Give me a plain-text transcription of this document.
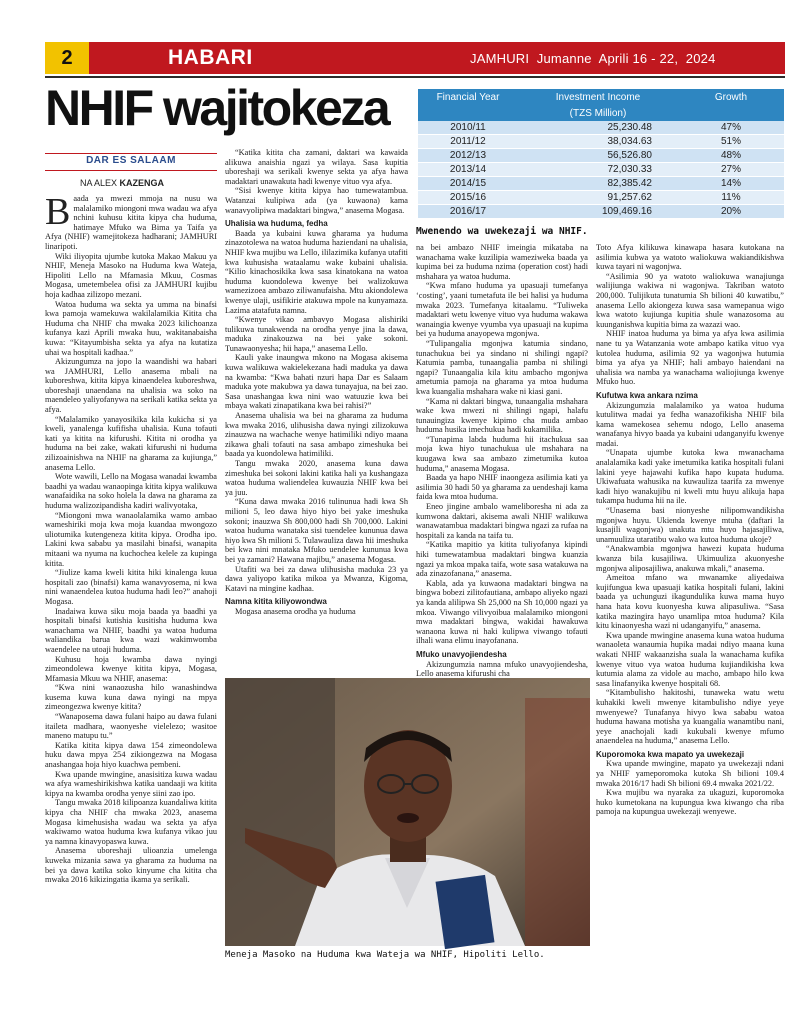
2	HABARI	JAMHURI  Jumanne  Aprili 16 - 22,  2024
NHIF wajitokeza	Financial Year	Investment Income	Growth
	(TZS Million)	
2010/11	25,230.48	47%
2011/12	38,034.63	51%
2012/13	56,526.80	48%
2013/14	72,030.33	27%
2014/15	82,385.42	14%
2015/16	91,257.62	11%
2016/17	109,469.16	20%
Mwenendo wa uwekezaji wa NHIF.
DAR ES SALAAM
NA ALEX KAZENGA
B aada ya mwezi mmoja na nusu wa malalamiko miongoni mwa wadau wa afya nchini kuhusu kitita kipya cha huduma, hatimaye Mfuko wa Bima ya Taifa ya Afya (NHIF) wamejitokeza hadharani; JAMHURI linaripoti.

Wiki iliyopita ujumbe kutoka Makao Makuu ya NHIF, Meneja Masoko na Huduma kwa Wateja, Hipoliti Lello na Mfamasia Mkuu, Cosmas Mogasa, umetembelea ofisi za JAMHURI kujibu hoja kadhaa zilizopo mezani.

Watoa huduma wa sekta ya umma na binafsi kwa pamoja wamekuwa wakilalamikia Kitita cha Huduma cha NHIF cha mwaka 2023 kilichoanza kufanya kazi Aprili mwaka huu, wakitanabaisha kuwa: “Kitayumbisha sekta ya afya na kutatiza uhai wa hospitali kadhaa.”

Akizungumza na jopo la waandishi wa habari wa JAMHURI, Lello anasema mbali na kuboreshwa, kitita kipya kinaendelea kuboreshwa, uboreshaji unaendana na uhalisia wa soko na maendeleo yaliyofanywa na serikali katika sekta ya afya.

“Malalamiko yanayosikika kila kukicha si ya kweli, yanalenga kufifisha uhalisia. Kuna tofauti kati ya kitita na kifurushi. Kitita ni orodha ya huduma na bei zake, wakati kifurushi ni huduma zilizoainishwa na NHIF na gharama za kujiunga,” anasema Lello.

Wote wawili, Lello na Mogasa wanadai kwamba baadhi ya wadau wanaopinga kitita kipya walikuwa wanafaidika na soko holela la dawa na gharama za huduma walizozipandisha kadiri walivyotaka,

“Miongoni mwa wanaolalamika wamo ambao wameshiriki moja kwa moja kuandaa mwongozo uliotumika kutengeneza kitita kipya. Orodha ipo. Lakini kwa sababu ya masilahi binafsi, wanapita mitaani wa nyuma na kuchochea kelele za kupinga kitita.

“Jiulize kama kweli kitita hiki kinalenga kuua hospitali zao (binafsi) kama wanavyosema, ni kwa nini wanaendelea kutoa huduma hadi leo?” anahoji Mogasa.

Inadaiwa kuwa siku moja baada ya baadhi ya hospitali binafsi kutishia kusitisha huduma kwa wanachama wa NHIF, baadhi ya watoa huduma waliandika barua kwa wazi wakimwomba waendelee na utoaji huduma.

Kuhusu hoja kwamba dawa nyingi zimeondolewa kwenye kitita kipya, Mogasa, Mfamasia Mkuu wa NHIF, anasema:

“Kwa nini wanaozusha hilo wanashindwa kusema kuwa kuna dawa nyingi na mpya zimeongezwa kwenye kitita?

“Wanaposema dawa fulani haipo au dawa fulani itaileta madhara, waonyeshe vielelezo; wasitoe maneno matupu tu.”

Katika kitita kipya dawa 154 zimeondolewa huku dawa mpya 254 zikiongezwa na Mogasa anashangaa hoja hiyo kuachwa pembeni.

Kwa upande mwingine, anasisitiza kuwa wadau wa afya wameshirikishwa katika uandaaji wa kitita kipya na kwamba orodha yenye siini zao ipo.

Tangu mwaka 2018 kilipoanza kuandaliwa kitita kipya cha NHIF cha mwaka 2023, anasema Mogasa kimehusisha wadau wa sekta ya afya wakiwamo watoa huduma kwa kufanya vikao juu ya namna kinavyopaswa kuwa.

Anasema uboreshaji ulioanzia umelenga kuweka mizania sawa ya gharama za huduma na bei ya dawa katika soko kinyume cha kitita cha mwaka 2016 kikizingatia ikama ya serikali.

“Katika kitita cha zamani, daktari wa kawaida alikuwa anaishia ngazi ya wilaya. Sasa kupitia uboreshaji wa serikali kwenye sekta ya afya hawa madaktari unawakuta hadi kwenye vituo vya afya.

“Sisi kwenye kitita kipya hao tumewatambua. Watanzai kulipiwa ada (ya kuwaona) kama wanavyolipiwa madaktari bingwa,” anasema Mogasa.

Uhalisia wa huduma, fedha

Baada ya kubaini kuwa gharama ya huduma zinazotolewa na watoa huduma haziendani na uhalisia, NHIF kwa mujibu wa Lello, ililazimika kufanya utafiti kwa kuhusisha wataalamu wake kubaini uhalisia. “Kilio kinachosikika kwa sasa kinatokana na watoa huduma kuondolewa kwenye bei walizokuwa wamezizoea ambazo ziliwanufaisha. Mtu akiondolewa kwenye ulaji, usifikirie atakuwa mpole na kunyamaza. Lazima atatafuta namna.

“Kwenye vikao ambavyo Mogasa alishiriki tulikuwa tunakwenda na orodha yenye jina la dawa, maduka zinakouzwa na bei yake sokoni. Tunawaonyesha; hii hapa,” anasema Lello.

Kauli yake inaungwa mkono na Mogasa akisema kuwa walikuwa wakielekezana hadi maduka ya dawa na kwamba: “Kwa bahati nzuri hapa Dar es Salaam maduka yote makubwa ya dawa tunayajua, na bei zao. Sasa unashangaa kwa nini wao watuuzie kwa bei mbaya wakati zinapatikana kwa bei rahisi?”

Anasema uhalisia wa bei na gharama za huduma kwa mwaka 2016, ulihusisha dawa nyingi zilizokuwa zinauzwa na wachache wenye hatimiliki ndiyo maana zikawa ghali tofauti na sasa ambapo zimeshuka bei baada ya kuondolewa hatimiliki.

Tangu mwaka 2020, anasema kuna dawa zimeshuka bei sokoni lakini katika hali ya kushangaza watoa huduma waliendelea kuwauzia NHIF kwa bei ya juu.

“Kuna dawa mwaka 2016 tulinunua hadi kwa Sh milioni 5, leo dawa hiyo hiyo bei yake imeshuka sokoni; inauzwa Sh 800,000 hadi Sh 700,000. Lakini watoa huduma wanataka sisi tuendelee kununua dawa hiyo kwa Sh milioni 5. Tulawauliza dawa hii imeshuka bei kwa nini mnataka Mfuko uendelee kununua kwa bei ya zamani? Hawana majibu,” anasema Mogasa.

Utafiti wa bei za dawa ulihusisha maduka 23 ya dawa yaliyopo katika mikoa ya Mwanza, Kigoma, Katavi na mingine kadhaa.

Namna kitita kiliyowondwa

Mogasa anasema orodha ya huduma

na bei ambazo NHIF imeingia mikataba na wanachama wake kuzilipia wameziweka baada ya kupima bei za huduma nzima (operation cost) hadi mshahara ya watoa huduma.

“Kwa mfano huduma ya upasuaji tumefanya ‘costing’, yaani tumetafuta ile bei halisi ya huduma mwaka 2023. Tumefanya kitaalamu. “Tuliweka madaktari wetu kwenye vituo vya huduma wakawa wanaingia kwenye vyumba vya upasuaji na kupima bei ya huduma anayopewa mgonjwa.

“Tulipangalia mgonjwa katumia sindano, tunachukua bei ya sindano ni shilingi ngapi? Katumia pamba, tunaangalia pamba ni shilingi ngapi? Tunaangalia kila kitu ambacho mgonjwa ametumia pamoja na gharama ya mtoa huduma kwa kuangalia mshahara wake ni kiasi gani.

“Kama ni daktari bingwa, tunaangalia mshahara wake kwa mwezi ni shilingi ngapi, halafu tunauingiza kwenye kipimo cha muda ambao huduma husika imechukua hadi kukamilika.

“Tunapima labda huduma hii itachukua saa moja kwa hiyo tunachukua ule mshahara na kuugawa kwa saa ambazo zimetumika kutoa huduma,” anasema Mogasa.

Baada ya hapo NHIF inaongeza asilimia kati ya asilimia 30 hadi 50 ya gharama za uendeshaji kama faida kwa mtoa huduma.

Eneo jingine ambalo wameliboresha ni ada za kumwona daktari, akisema awali NHIF walikuwa wanawatambua madaktari bingwa ngazi za rufaa na hospitali za kanda na taifa tu.

“Katika mapitio ya kitita tuliyofanya kipindi hiki tumewatambua madaktari bingwa kuanzia ngazi ya mkoa mpaka taifa, wote sasa watakuwa na ada zinazofanana,” anasema.

Kabla, ada ya kuwaona madaktari bingwa na bingwa bobezi zilitofautiana, ambapo aliyeko ngazi ya kanda alilipwa Sh 25,000 na Sh 10,000 ngazi ya mkoa. Viwango vilivyoibua malalamiko miongoni mwa madaktari bingwa, wakidai hawakuwa wanaona kuwa ni haki kulipwa viwango tofauti ilhali wana elimu inayofanana.

Mfuko unavyojiendesha

Akizungumzia namna mfuko unavyojiendesha, Lello anasema kifurushi cha

Toto Afya kilikuwa kinawapa hasara kutokana na asilimia kubwa ya watoto waliokuwa wakiandikishwa kuwa tayari ni wagonjwa.

“Asilimia 90 ya watoto waliokuwa wanajiunga walijiunga wakiwa ni wagonjwa. Takriban watoto 200,000. Tulijikuta tunatumia Sh bilioni 40 kuwatibu,” anasema Lello akiongeza kuwa sasa wamepanua wigo kwa watoto kujiunga kupitia shule wanazosoma au kuunganishwa kupitia bima za wazazi wao.

NHIF inatoa huduma ya bima ya afya kwa asilimia nane tu ya Watanzania wote ambapo katika vituo vya kutolea huduma, asilimia 92 ya wagonjwa hutumia bima ya afya ya NHIF; hali ambayo haiendani na uhalisia wa namba ya wanachama waliojiunga kwenye Mfuko huo.

Kufutwa kwa ankara nzima

Akizungumzia malalamiko ya watoa huduma kutulitwa madai ya fedha wanazofikisha NHIF bila kama wamekosea sehemu ndogo, Lello anasema wanafanya hivyo baada ya kubaini udanganyifu kwenye madai.

“Unapata ujumbe kutoka kwa mwanachama analalamika kadi yake imetumika katika hospitali fulani lakini yeye hajawahi kufika hapo kupata huduma. Ukiwafuata wahusika na kuwauliza taarifa za mwenye kadi hiyo wanakujibu ni kweli mtu huyu alikuja hapa tukampa huduma hii na ile.

“Unasema basi nionyeshe nilipomwandikisha mgonjwa huyu. Ukienda kwenye mtuha (daftari la kusajili wagonjwa) unakuta mtu huyo hajasajiliwa, unamuuliza utaratibu wako wa kutoa huduma ukoje?

“Anakwambia mgonjwa hawezi kupata huduma kwanza bila kusajiliwa. Ukimuuliza akuonyeshe mgonjwa aliposajiliwa, anakuwa mkali,” anasema.

Ameitoa mfano wa mwanamke aliyedaiwa kujifungua kwa upasuaji katika hospitali fulani, lakini baada ya uchunguzi ikagundulika kuwa mama huyo hana hata kovu kuonyesha kuwa alipasuliwa. “Sasa katika mazingira hayo unamlipa mtoa huduma? Kila kitu kinaonyesha wazi ni udanganyifu,” anasema.

Kwa upande mwingine anasema kuna watoa huduma wanaoleta wanaumia hupika madai ndiyo maana kuna wakati NHIF wakaanzisha suala la wanachama kufika kwenye vituo vya watoa huduma kujiandikisha kwa kutumia alama za vidole au macho, ambapo hilo kwa sasa linafanyika kwenye hospitali 68.

“Kitambulisho hakitoshi, tunaweka watu wetu kuhakiki kweli mwenye kitambulisho ndiye yeye mwenyewe? Tunafanya hivyo kwa sababu watoa huduma hawana motisha ya kuangalia wanamtibu nani, yeye anachojali kadi kukubali kwenye mfumo anaendelea na huduma,” anasema Lello.

Kuporomoka kwa mapato ya uwekezaji

Kwa upande mwingine, mapato ya uwekezaji ndani ya NHIF yameporomoka kutoka Sh bilioni 109.4 mwaka 2016/17 hadi Sh bilioni 69.4 mwaka 2021/22.

Kwa mujibu wa nyaraka za ukaguzi, kuporomoka huko kumetokana na kupungua kwa kiwango cha riba pamoja na kupungua uwekezaji wenyewe.

Meneja Masoko na Huduma kwa Wateja wa NHIF, Hipoliti Lello.
